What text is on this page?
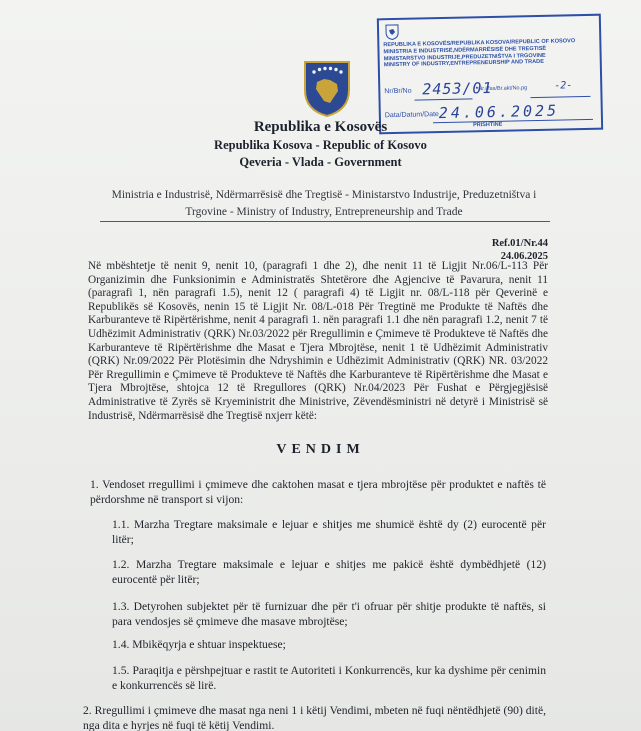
REPUBLIKA E KOSOVËS/REPUBLIKA KOSOVA/REPUBLIC OF KOSOVO
MINISTRIA E INDUSTRISË,NDËRMARRËSISË DHE TREGTISË
MINISTARSTVO INDUSTRIJE,PREDUZETNIŠTVA I TRGOVINE
MINISTRY OF INDUSTRY,ENTREPRENEURSHIP AND TRADE
Nr/Br/No 2453/01
Nr.i fas/Br.akt/No.pg	-2-
Data/Datum/Date 24.06.2025
PRISHTINË
Republika e Kosovës
Republika Kosova - Republic of Kosovo
Qeveria - Vlada - Government
Ministria e Industrisë, Ndërmarrësisë dhe Tregtisë - Ministarstvo Industrije, Preduzetništva i
Trgovine - Ministry of Industry, Entrepreneurship and Trade
Ref.01/Nr.44
24.06.2025
Në mbështetje të nenit 9, nenit 10, (paragrafi 1 dhe 2), dhe nenit 11 të Ligjit Nr.06/L-113 Për Organizimin dhe Funksionimin e Administratës Shtetërore dhe Agjencive të Pavarura, nenit 11 (paragrafi 1, nën paragrafi 1.5), nenit 12 ( paragrafi 4) të Ligjit nr. 08/L-118 për Qeverinë e Republikës së Kosovës, nenin 15 të Ligjit Nr. 08/L-018 Për Tregtinë me Produkte të Naftës dhe Karburanteve të Ripërtërishme, nenit 4 paragrafi 1. nën paragrafi 1.1 dhe nën paragrafi 1.2, nenit 7 të Udhëzimit Administrativ (QRK) Nr.03/2022 për Rregullimin e Çmimeve të Produkteve të Naftës dhe Karburanteve të Ripërtërishme dhe Masat e Tjera Mbrojtëse, nenit 1 të Udhëzimit Administrativ (QRK) Nr.09/2022 Për Plotësimin dhe Ndryshimin e Udhëzimit Administrativ (QRK) NR. 03/2022 Për Rregullimin e Çmimeve të Produkteve të Naftës dhe Karburanteve të Ripërtërishme dhe Masat e Tjera Mbrojtëse, shtojca 12 të Rregullores (QRK) Nr.04/2023 Për Fushat e Përgjegjësisë Administrative të Zyrës së Kryeministrit dhe Ministrive, Zëvendësministri në detyrë i Ministrisë së Industrisë, Ndërmarrësisë dhe Tregtisë nxjerr këtë:
VENDIM
1. Vendoset rregullimi i çmimeve dhe caktohen masat e tjera mbrojtëse për produktet e naftës të përdorshme në transport si vijon:
1.1. Marzha Tregtare maksimale e lejuar e shitjes me shumicë është dy (2) eurocentë për litër;
1.2. Marzha Tregtare maksimale e lejuar e shitjes me pakicë është dymbëdhjetë (12) eurocentë për litër;
1.3. Detyrohen subjektet për të furnizuar dhe për t'i ofruar për shitje produkte të naftës, si para vendosjes së çmimeve dhe masave mbrojtëse;
1.4. Mbikëqyrja e shtuar inspektuese;
1.5. Paraqitja e përshpejtuar e rastit te Autoriteti i Konkurrencës, kur ka dyshime për cenimin e konkurrencës së lirë.
2. Rregullimi i çmimeve dhe masat nga neni 1 i këtij Vendimi, mbeten në fuqi nëntëdhjetë (90) ditë, nga dita e hyrjes në fuqi të këtij Vendimi.
